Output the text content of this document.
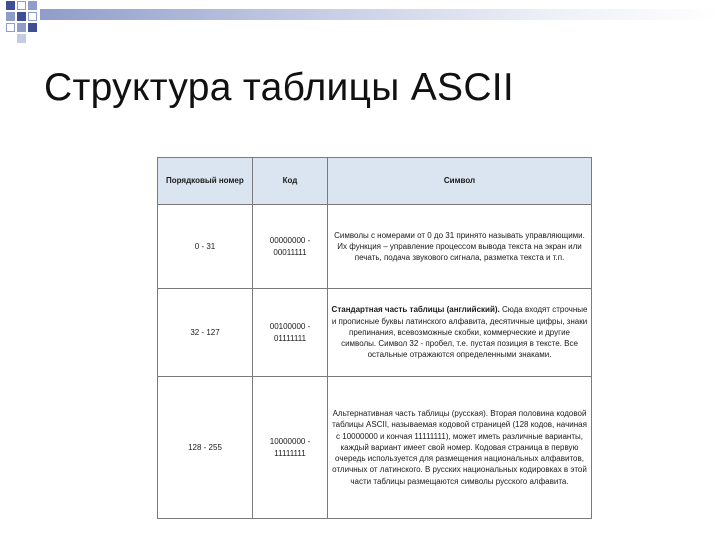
Структура таблицы ASCII
Порядковый номер	Код	Символ
0 - 31	00000000 - 00011111	Символы с номерами от 0 до 31 принято называть управляющими. Их функция – управление процессом вывода текста на экран или печать, подача звукового сигнала, разметка текста и т.п.
32 - 127	00100000 - 01111111	Стандартная часть таблицы (английский). Сюда входят строчные и прописные буквы латинского алфавита, десятичные цифры, знаки препинания, всевозможные скобки, коммерческие и другие символы. Символ 32 - пробел, т.е. пустая позиция в тексте. Все остальные отражаются определенными знаками.
128 - 255	10000000 - 11111111	Альтернативная часть таблицы (русская). Вторая половина кодовой таблицы ASCII, называемая кодовой страницей (128 кодов, начиная с 10000000 и кончая 11111111), может иметь различные варианты, каждый вариант имеет свой номер. Кодовая страница в первую очередь используется для размещения национальных алфавитов, отличных от латинского. В русских национальных кодировках в этой части таблицы размещаются символы русского алфавита.
